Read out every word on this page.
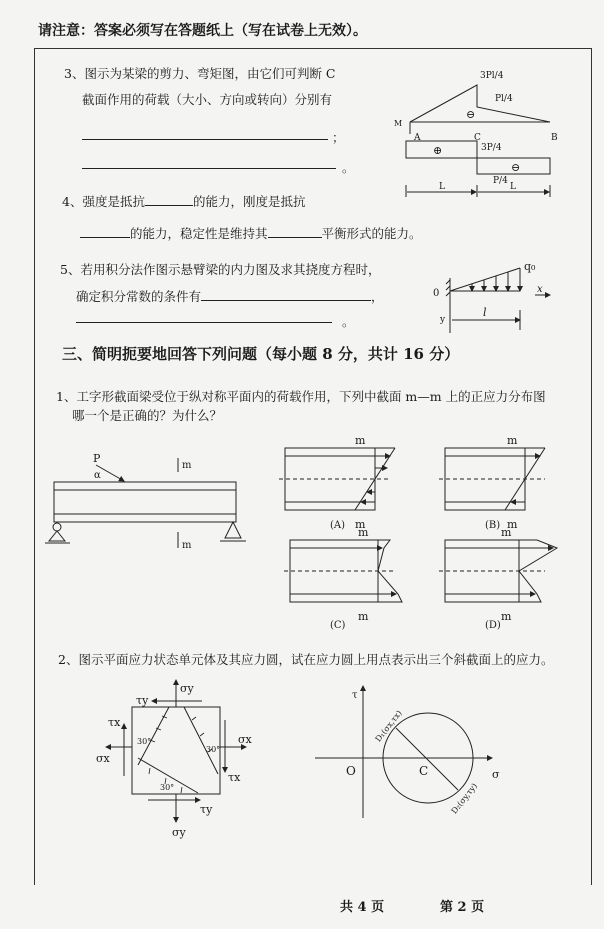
请注意：答案必须写在答题纸上（写在试卷上无效）。
3、图示为某梁的剪力、弯矩图，由它们可判断 C
截面作用的荷载（大小、方向或转向）分别有
；
。
4、强度是抵抗	的能力，刚度是抵抗
的能力，稳定性是维持其	平衡形式的能力。
5、若用积分法作图示悬臂梁的内力图及求其挠度方程时，
确定积分常数的条件有	，
。
三、简明扼要地回答下列问题（每小题 8 分，共计 16 分）
1、工字形截面梁受位于纵对称平面内的荷载作用，下列中截面 m—m 上的正应力分布图
哪一个是正确的？为什么？
2、图示平面应力状态单元体及其应力圆，试在应力圆上用点表示出三个斜截面上的应力。
共 4 页	第 2 页
M
3Pl/4
Pl/4
⊖
A	C	B
⊕
⊖
3P/4
P/4
L	L
q₀
0	x
y
l
P
α
m
m
m
m
(A)
m
m
(B)
m
m
(C)
m
m
(D)
σy
τy
τx
σx
σx
τx
τy
σy
30°
30°
30°
τ
σ
O	C
D₁(σx,τx)
D₂(σy,τy)
